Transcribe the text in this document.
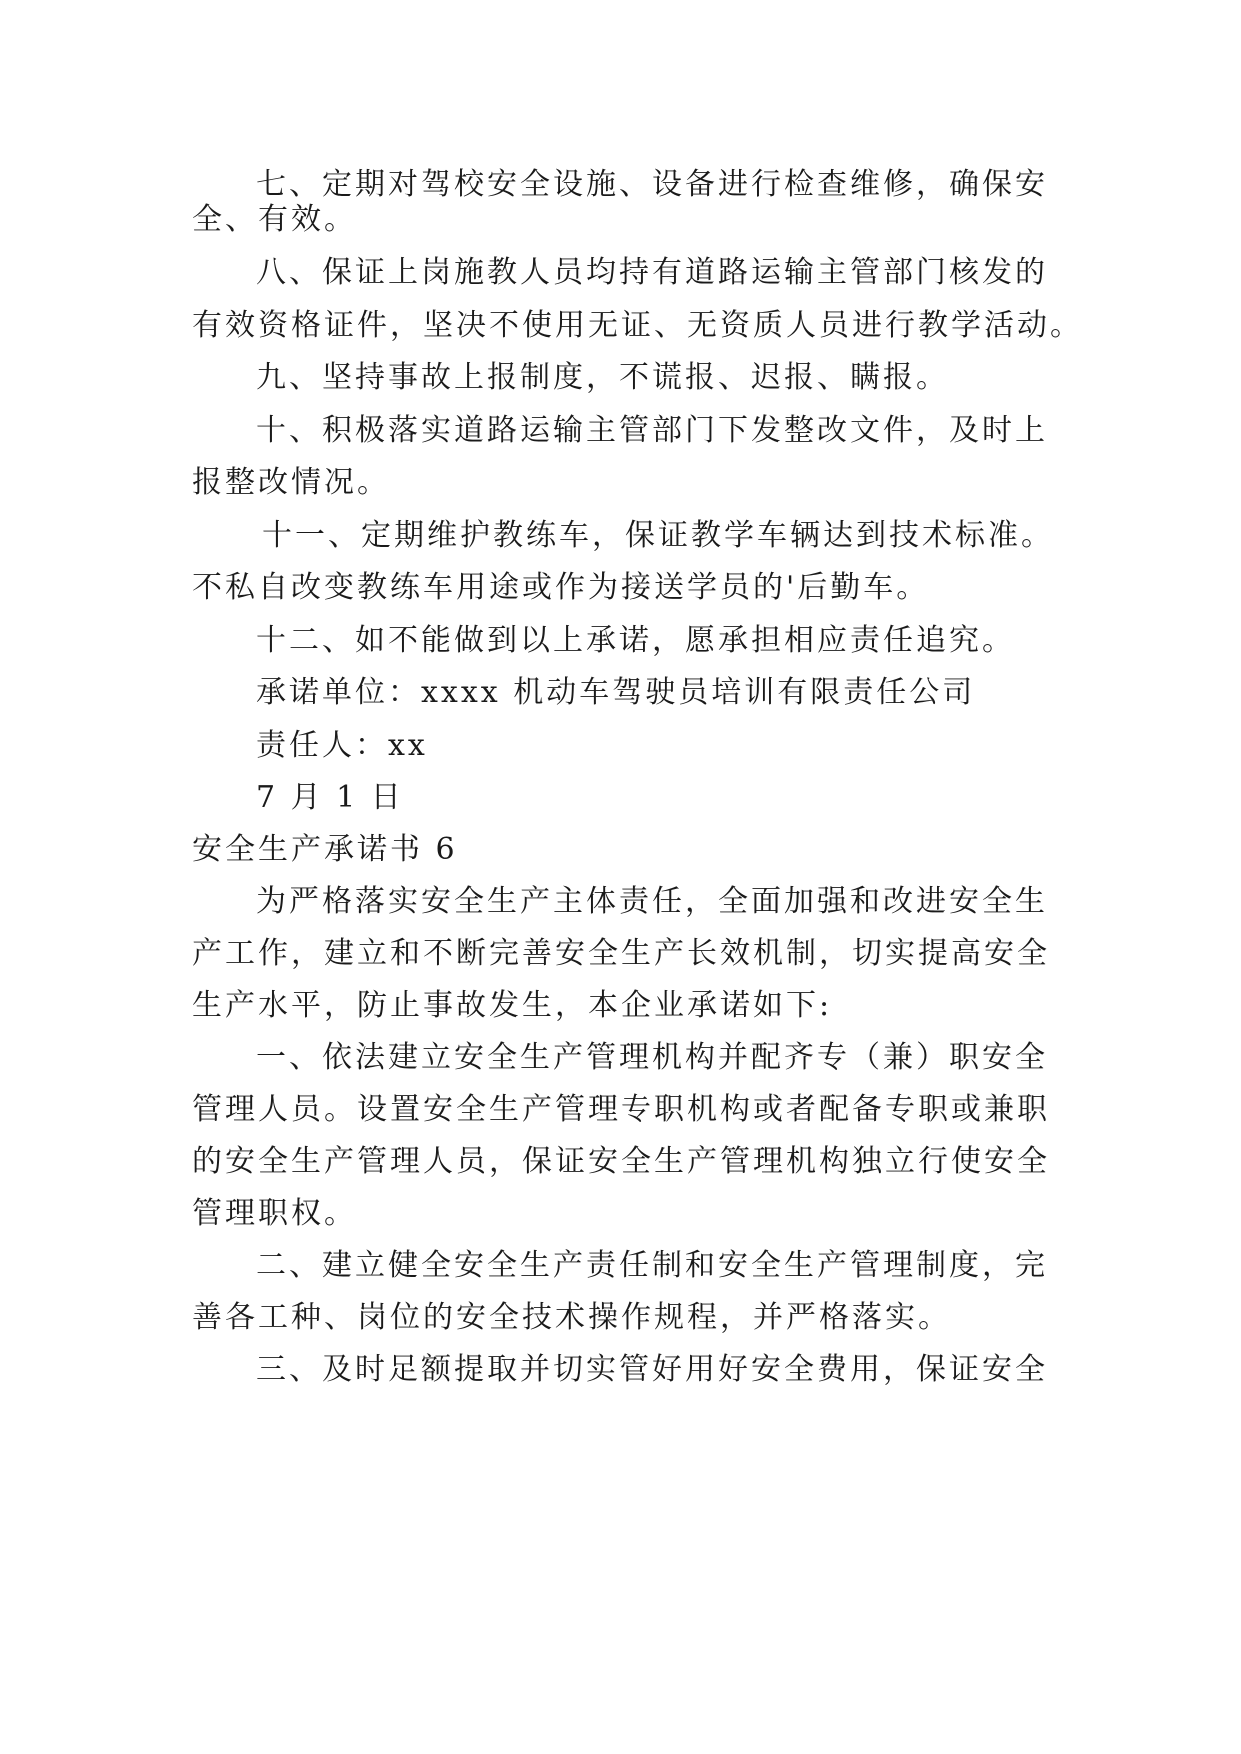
七、定期对驾校安全设施、设备进行检查维修，确保安

全、有效。

八、保证上岗施教人员均持有道路运输主管部门核发的

有效资格证件，坚决不使用无证、无资质人员进行教学活动。

九、坚持事故上报制度，不谎报、迟报、瞒报。

十、积极落实道路运输主管部门下发整改文件，及时上

报整改情况。

十一、定期维护教练车，保证教学车辆达到技术标准。

不私自改变教练车用途或作为接送学员的'后勤车。

十二、如不能做到以上承诺，愿承担相应责任追究。

承诺单位：xxxx 机动车驾驶员培训有限责任公司

责任人：xx

7 月 1 日

安全生产承诺书 6

为严格落实安全生产主体责任，全面加强和改进安全生

产工作，建立和不断完善安全生产长效机制，切实提高安全

生产水平，防止事故发生，本企业承诺如下:

一、依法建立安全生产管理机构并配齐专（兼）职安全

管理人员。设置安全生产管理专职机构或者配备专职或兼职

的安全生产管理人员，保证安全生产管理机构独立行使安全

管理职权。

二、建立健全安全生产责任制和安全生产管理制度，完

善各工种、岗位的安全技术操作规程，并严格落实。

三、及时足额提取并切实管好用好安全费用，保证安全
